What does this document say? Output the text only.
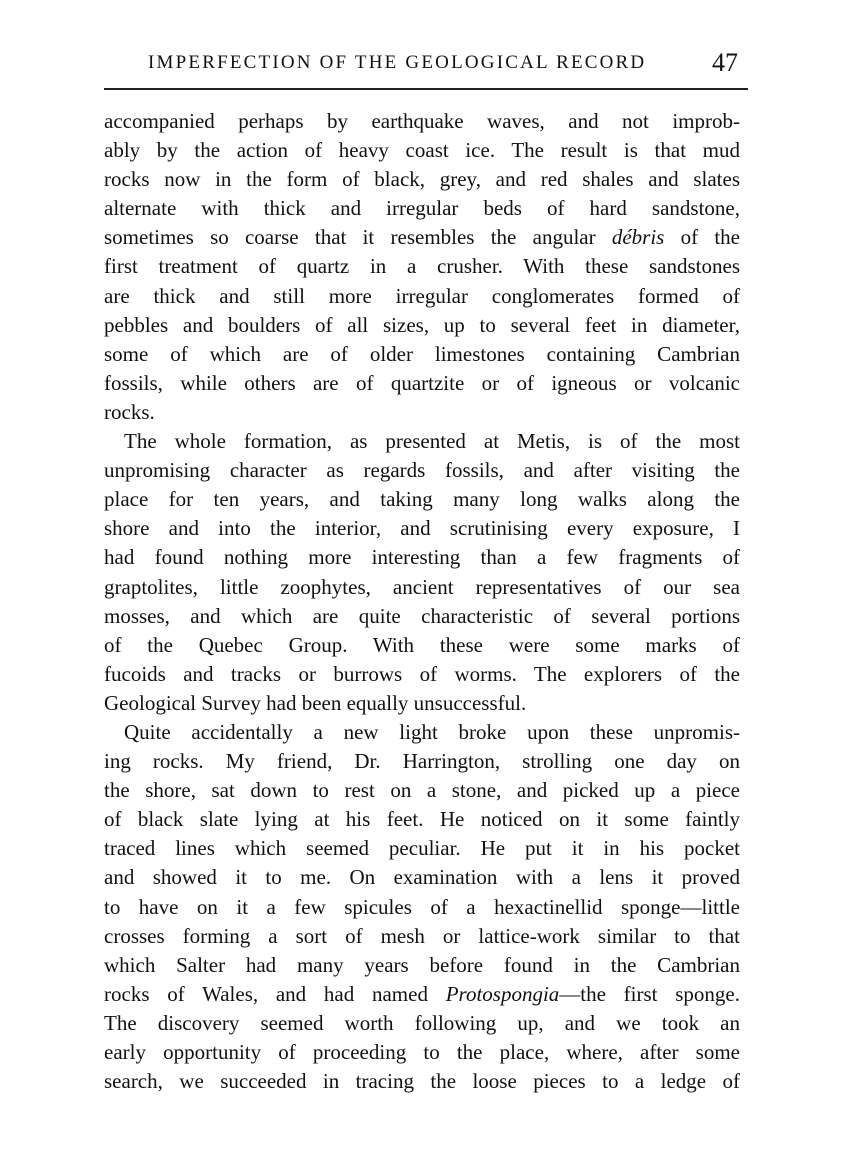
IMPERFECTION OF THE GEOLOGICAL RECORD	47
accompanied perhaps by earthquake waves, and not improb-
ably by the action of heavy coast ice. The result is that mud
rocks now in the form of black, grey, and red shales and slates
alternate with thick and irregular beds of hard sandstone,
sometimes so coarse that it resembles the angular débris of the
first treatment of quartz in a crusher. With these sandstones
are thick and still more irregular conglomerates formed of
pebbles and boulders of all sizes, up to several feet in diameter,
some of which are of older limestones containing Cambrian
fossils, while others are of quartzite or of igneous or volcanic
rocks.
The whole formation, as presented at Metis, is of the most
unpromising character as regards fossils, and after visiting the
place for ten years, and taking many long walks along the
shore and into the interior, and scrutinising every exposure, I
had found nothing more interesting than a few fragments of
graptolites, little zoophytes, ancient representatives of our sea
mosses, and which are quite characteristic of several portions
of the Quebec Group. With these were some marks of
fucoids and tracks or burrows of worms. The explorers of the
Geological Survey had been equally unsuccessful.
Quite accidentally a new light broke upon these unpromis-
ing rocks. My friend, Dr. Harrington, strolling one day on
the shore, sat down to rest on a stone, and picked up a piece
of black slate lying at his feet. He noticed on it some faintly
traced lines which seemed peculiar. He put it in his pocket
and showed it to me. On examination with a lens it proved
to have on it a few spicules of a hexactinellid sponge—little
crosses forming a sort of mesh or lattice-work similar to that
which Salter had many years before found in the Cambrian
rocks of Wales, and had named Protospongia—the first sponge.
The discovery seemed worth following up, and we took an
early opportunity of proceeding to the place, where, after some
search, we succeeded in tracing the loose pieces to a ledge of
